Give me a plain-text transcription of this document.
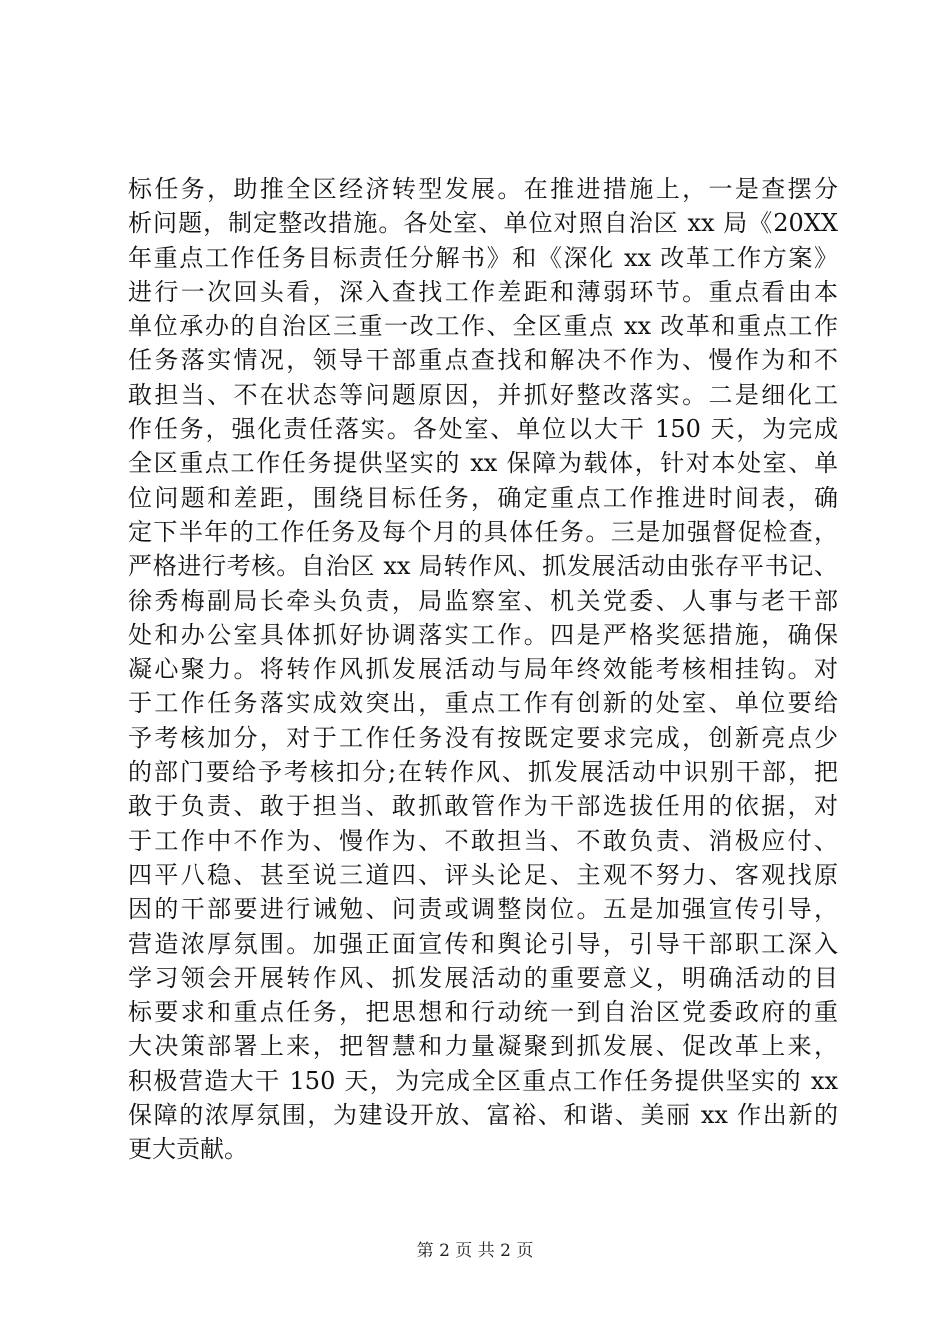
标任务，助推全区经济转型发展。在推进措施上，一是查摆分
析问题，制定整改措施。各处室、单位对照自治区 xx 局《20XX
年重点工作任务目标责任分解书》和《深化 xx 改革工作方案》
进行一次回头看，深入查找工作差距和薄弱环节。重点看由本
单位承办的自治区三重一改工作、全区重点 xx 改革和重点工作
任务落实情况，领导干部重点查找和解决不作为、慢作为和不
敢担当、不在状态等问题原因，并抓好整改落实。二是细化工
作任务，强化责任落实。各处室、单位以大干 150 天，为完成
全区重点工作任务提供坚实的 xx 保障为载体，针对本处室、单
位问题和差距，围绕目标任务，确定重点工作推进时间表，确
定下半年的工作任务及每个月的具体任务。三是加强督促检查，
严格进行考核。自治区 xx 局转作风、抓发展活动由张存平书记、
徐秀梅副局长牵头负责，局监察室、机关党委、人事与老干部
处和办公室具体抓好协调落实工作。四是严格奖惩措施，确保
凝心聚力。将转作风抓发展活动与局年终效能考核相挂钩。对
于工作任务落实成效突出，重点工作有创新的处室、单位要给
予考核加分，对于工作任务没有按既定要求完成，创新亮点少
的部门要给予考核扣分;在转作风、抓发展活动中识别干部，把
敢于负责、敢于担当、敢抓敢管作为干部选拔任用的依据，对
于工作中不作为、慢作为、不敢担当、不敢负责、消极应付、
四平八稳、甚至说三道四、评头论足、主观不努力、客观找原
因的干部要进行诫勉、问责或调整岗位。五是加强宣传引导，
营造浓厚氛围。加强正面宣传和舆论引导，引导干部职工深入
学习领会开展转作风、抓发展活动的重要意义，明确活动的目
标要求和重点任务，把思想和行动统一到自治区党委政府的重
大决策部署上来，把智慧和力量凝聚到抓发展、促改革上来，
积极营造大干 150 天，为完成全区重点工作任务提供坚实的 xx
保障的浓厚氛围，为建设开放、富裕、和谐、美丽 xx 作出新的
更大贡献。
第 2 页 共 2 页
